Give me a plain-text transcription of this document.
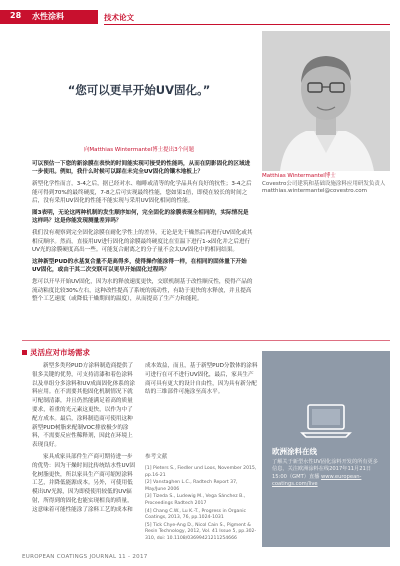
28 水性涂料	技术论文
“您可以更早开始UV固化。”
向Matthias Wintermantel博士提出3个问题
Matthias Wintermantel博士
Covestro公司建筑和基础设施涂料应用研发负责人
matthias.wintermantel@covestro.com

可以预估一下您的新涂膜在表快的时间能实现可接受的性能吗，从而在阴影固化的区域进一步使用。例如，我什么时候可以踩在未完全UV固化的镶木地板上？

新型化学性而言，3-4之后，据已经对水、咖啡或清等的化学品具有良好的抗性；3-4之后能可得到70%的最终硬度，7-8之后可实现最终性能，您如果1倍，即使在较长的时间之后，没有采用UV固化的性能不能实现与采用UV固化相同的性能。

图3表明，无论这两种机制的发生顺序如何，完全固化的涂膜表现全相同的，实际情况是这样吗？这是你能发现测量差异吗？

我们没有观察到完全固化涂膜在耐化学性上的差异，无论是先干燥然后再进行UV固化或其相反顺序。然而，直接用UV进行固化的涂膜最终硬度比在室温下进行1-x固化并之后进行UV光的涂膜硬度高出一些。可能复合耐离之的分子量不会太UV固化中的相同结果。

这种新型PUD的水基复合量不是高得多，使得操作能涂得一样，在相同的固体量下开始UV固化，或由于其二次交联可以更早开始固化过程吗？

您可以开早开始UV固化，因为水的释放速度更快，交联机制基于改性顺反性，使得产品的流动粘度比较30%左右，这种改性提高了系统的流动性，有助于更快的水释放，并且提高整个工艺速度（或降低干燥期间的温度），从而提高了生产力和能耗。

灵活应对市场需求

新型多类羟PUD方涂料制造商提供了很多关键的优势，可支持清漆和着色涂料以及单组分多涂料和UV成面固化体系的涂料应用。在不需要其他固化机制情况下就可配制清漆，并且仍然能满足着高的质量要求，着重的光元素这更快，以作为中了配方成本。最后，涂料制造商可使用这种新型PUD树脂来配制VOC排放极少的涂料，不需要反应性稀释剂，因此在环境上表现良好。

家具成家具部件生产商可期待进一步的优势：因为干燥时间比传统结水性UV固化树脂更快，所以家具生产商可缩短涂料工艺，并降低能源成本。另外，可使用低模出UV光源，因为即使使用较低的UV辐射，所得到的固化也能实现相良的质量，这意味着可能性能涂了涂料工艺的成本和

成本效益，而且，基于新型PUD分散体的涂料可进行在可不进行UV固化，最后，家具生产商可具有更大的设计自由性，因为具有新分配结的三维部件可施涂至高水平。
参考文献
[1] Pieters S., Fiedler und Loos, November 2015, pp.16-21
[2] Vanstaghen L.C., Radtech Report 37, May/June 2006
[3] Tizeda S., Ludewig M., Vega Sánchez B., Proceedings Radtech 2017
[4] Chang C.W., Lu K.-T., Progress in Organic Coatings, 2013, 76, pp.1024-1031
[5] Tick Chye-Ang D., Nicol Cain S., Pigment & Resin Technology, 2012, Vol. 41 Issue 5, pp.302-310, doi: 10.1108/03699421211254666
欧洲涂料在线
了解关于新型水性UV固化涂料开发的所有更多信息，关注欧洲涂料在线2017年11月21日15:00（GMT）直播 www.european-coatings.com/live
EUROPEAN COATINGS JOURNAL 11 - 2017
